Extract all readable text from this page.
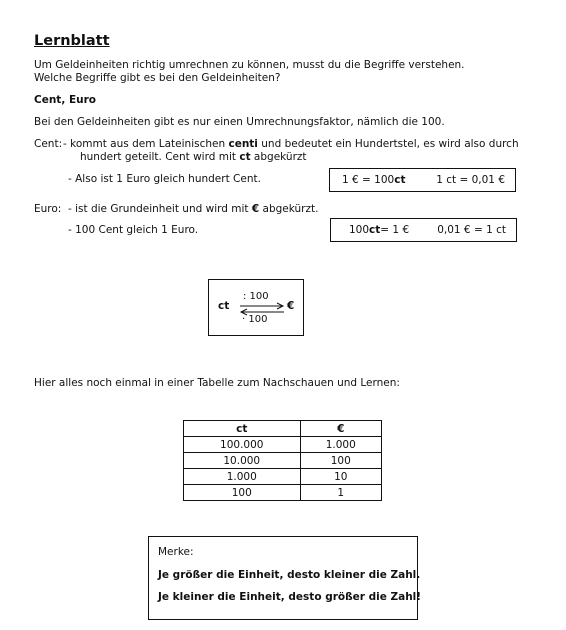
Lernblatt
Um Geldeinheiten richtig umrechnen zu können, musst du die Begriffe verstehen.
Welche Begriffe gibt es bei den Geldeinheiten?
Cent, Euro
Bei den Geldeinheiten gibt es nur einen Umrechnungsfaktor, nämlich die 100.
Cent: - kommt aus dem Lateinischen centi und bedeutet ein Hundertstel, es wird also durch
hundert geteilt. Cent wird mit ct abgekürzt
- Also ist 1 Euro gleich hundert Cent.	1 € = 100 ct	1 ct = 0,01 €
Euro: - ist die Grundeinheit und wird mit € abgekürzt.
- 100 Cent gleich 1 Euro.	100 ct = 1 €	0,01 € = 1 ct
ct
: 100
· 100
€
Hier alles noch einmal in einer Tabelle zum Nachschauen und Lernen:
ct	€
100.000	1.000
10.000	100
1.000	10
100	1
Merke:
Je größer die Einheit, desto kleiner die Zahl.
Je kleiner die Einheit, desto größer die Zahl!
